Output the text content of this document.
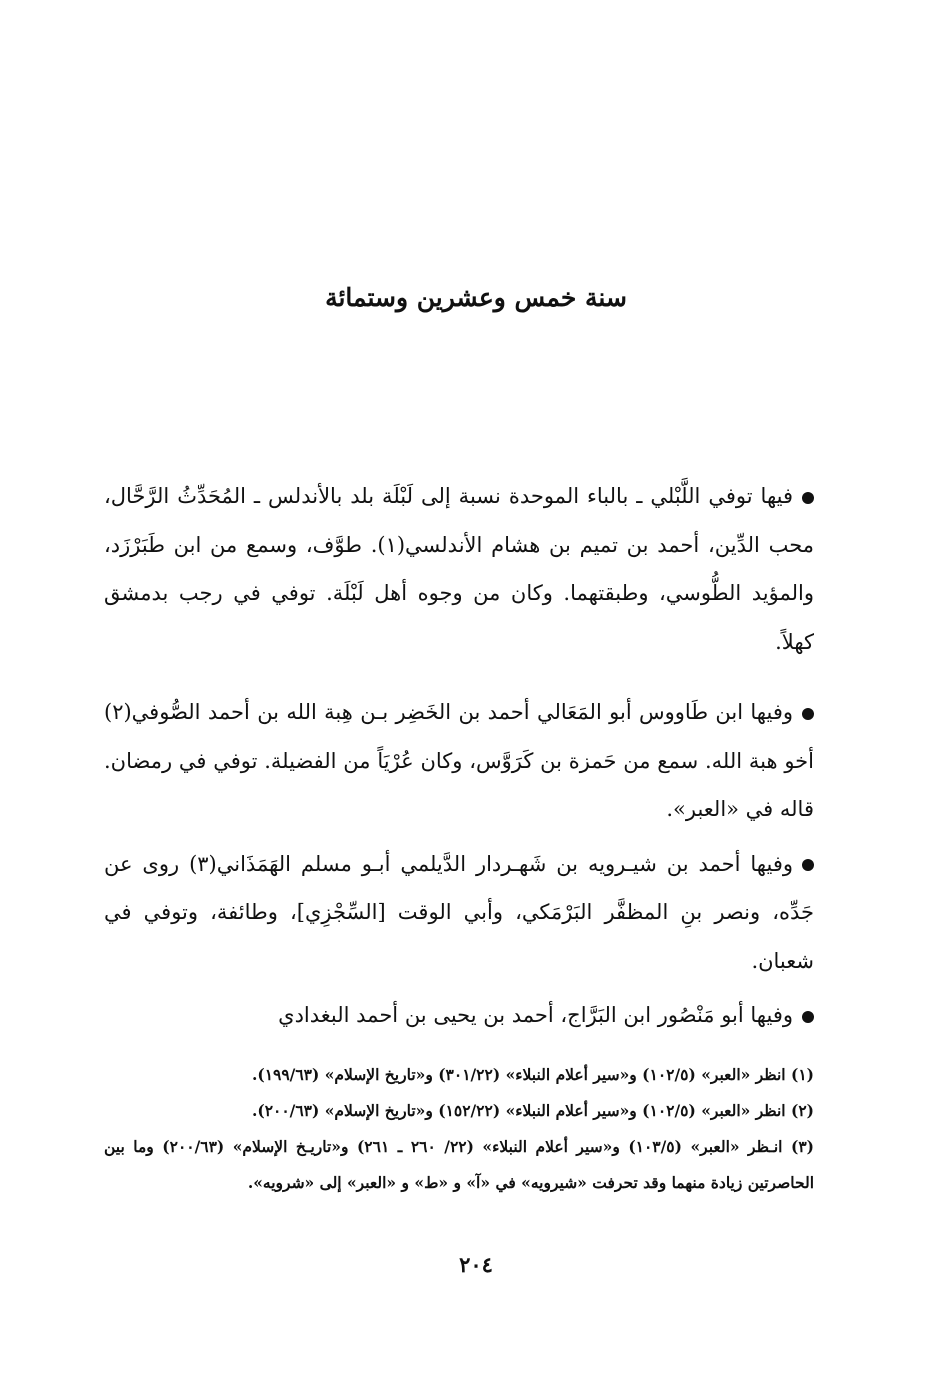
سنة خمس وعشرين وستمائة

فيها توفي اللَّبْلي ـ بالباء الموحدة نسبة إلى لَبْلَة بلد بالأندلس ـ المُحَدِّثُ الرَّحَّال، محب الدِّين، أحمد بن تميم بن هشام الأندلسي(١). طوَّف، وسمع من ابن طَبَرْزَد، والمؤيد الطُّوسي، وطبقتهما. وكان من وجوه أهل لَبْلَة. توفي في رجب بدمشق كهلاً.

وفيها ابن طَاووس أبو المَعَالي أحمد بن الخَضِر بـن هِبة الله بن أحمد الصُّوفي(٢) أخو هبة الله. سمع من حَمزة بن كَرَوَّس، وكان عُرْيَاً من الفضيلة. توفي في رمضان. قاله في «العبر».

وفيها أحمد بن شيـرويه بن شَهـردار الدَّيلمي أبـو مسلم الهَمَذَاني(٣) روى عن جَدِّه، ونصر بنِ المظفَّر البَرْمَكي، وأبي الوقت [السِّجْزِي]، وطائفة، وتوفي في شعبان.

وفيها أبو مَنْصُور ابن البَرَّاج، أحمد بن يحيى بن أحمد البغدادي

(١) انظر «العبر» (١٠٢/٥) و«سير أعلام النبلاء» (٣٠١/٢٢) و«تاريخ الإسلام» (١٩٩/٦٣).

(٢) انظر «العبر» (١٠٢/٥) و«سير أعلام النبلاء» (١٥٢/٢٢) و«تاريخ الإسلام» (٢٠٠/٦٣).

(٣) انـظر «العبر» (١٠٣/٥) و«سير أعلام النبلاء» (٢٢/ ٢٦٠ ـ ٢٦١) و«تاريـخ الإسلام» (٢٠٠/٦٣) وما بين الحاصرتين زيادة منهما وقد تحرفت «شيرويه» في «آ» و «ط» و «العبر» إلى «شرويه».

٢٠٤
